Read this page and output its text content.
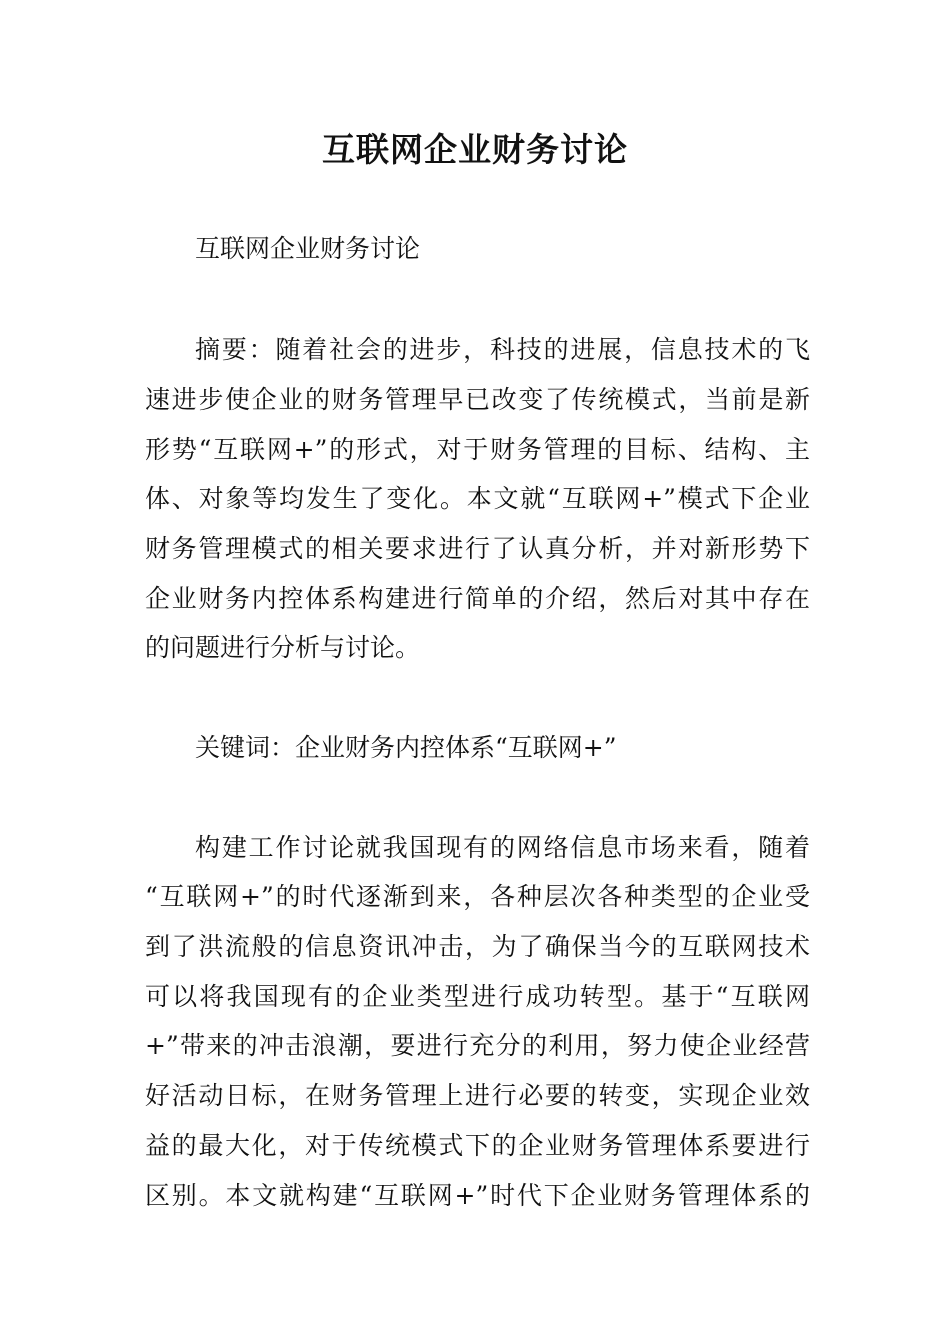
互联网企业财务讨论
互联网企业财务讨论
摘要：随着社会的进步，科技的进展，信息技术的飞
速进步使企业的财务管理早已改变了传统模式，当前是新
形势“互联网+”的形式，对于财务管理的目标、结构、主
体、对象等均发生了变化。本文就“互联网+”模式下企业
财务管理模式的相关要求进行了认真分析，并对新形势下
企业财务内控体系构建进行简单的介绍，然后对其中存在
的问题进行分析与讨论。
关键词：企业财务内控体系“互联网+”
构建工作讨论就我国现有的网络信息市场来看，随着
“互联网+”的时代逐渐到来，各种层次各种类型的企业受
到了洪流般的信息资讯冲击，为了确保当今的互联网技术
可以将我国现有的企业类型进行成功转型。基于“互联网
+”带来的冲击浪潮，要进行充分的利用，努力使企业经营
好活动日标，在财务管理上进行必要的转变，实现企业效
益的最大化，对于传统模式下的企业财务管理体系要进行
区别。本文就构建“互联网+”时代下企业财务管理体系的
